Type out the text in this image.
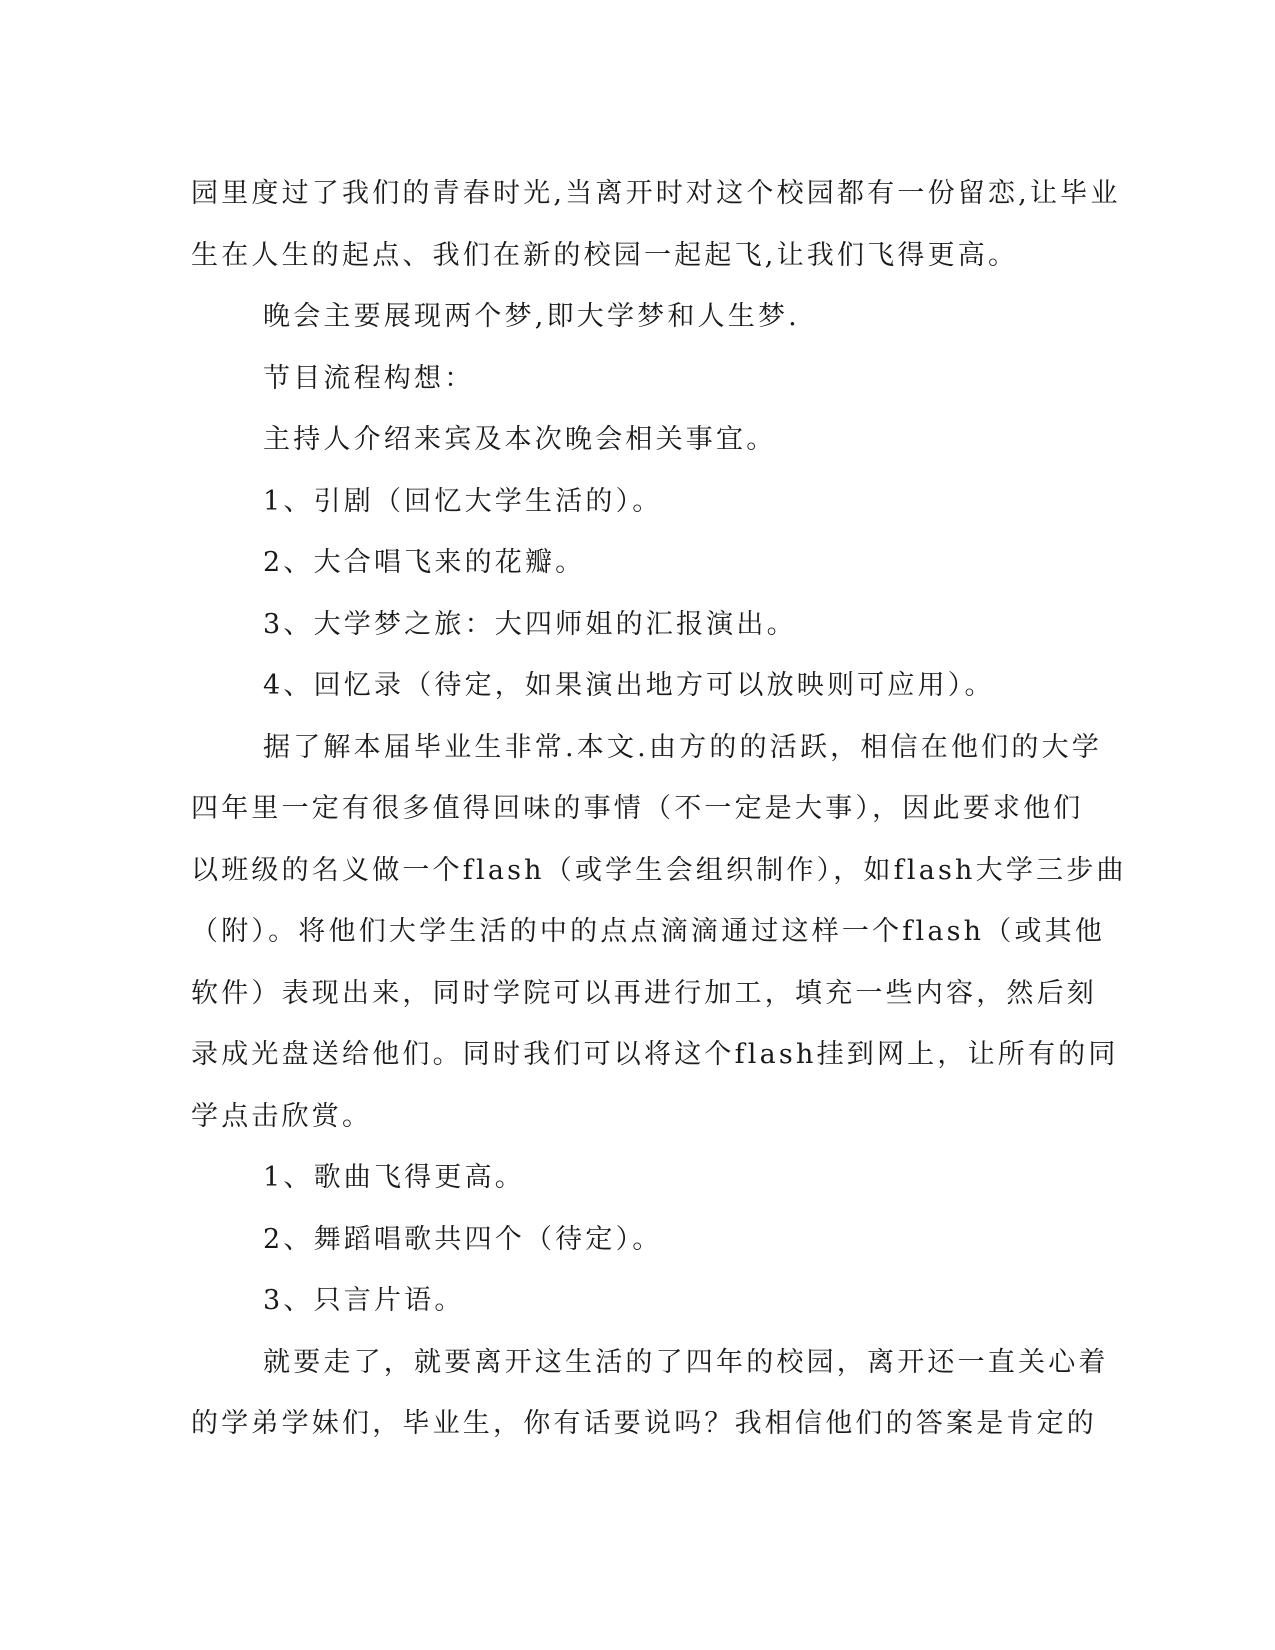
园里度过了我们的青春时光,当离开时对这个校园都有一份留恋,让毕业
生在人生的起点、我们在新的校园一起起飞,让我们飞得更高。
晚会主要展现两个梦,即大学梦和人生梦.
节目流程构想：
主持人介绍来宾及本次晚会相关事宜。
1、引剧（回忆大学生活的）。
2、大合唱飞来的花瓣。
3、大学梦之旅：大四师姐的汇报演出。
4、回忆录（待定，如果演出地方可以放映则可应用）。
据了解本届毕业生非常.本文.由方的的活跃，相信在他们的大学
四年里一定有很多值得回味的事情（不一定是大事），因此要求他们
以班级的名义做一个flash（或学生会组织制作），如flash大学三步曲
（附）。将他们大学生活的中的点点滴滴通过这样一个flash（或其他
软件）表现出来，同时学院可以再进行加工，填充一些内容，然后刻
录成光盘送给他们。同时我们可以将这个flash挂到网上，让所有的同
学点击欣赏。
1、歌曲飞得更高。
2、舞蹈唱歌共四个（待定）。
3、只言片语。
就要走了，就要离开这生活的了四年的校园，离开还一直关心着
的学弟学妹们，毕业生，你有话要说吗？我相信他们的答案是肯定的
